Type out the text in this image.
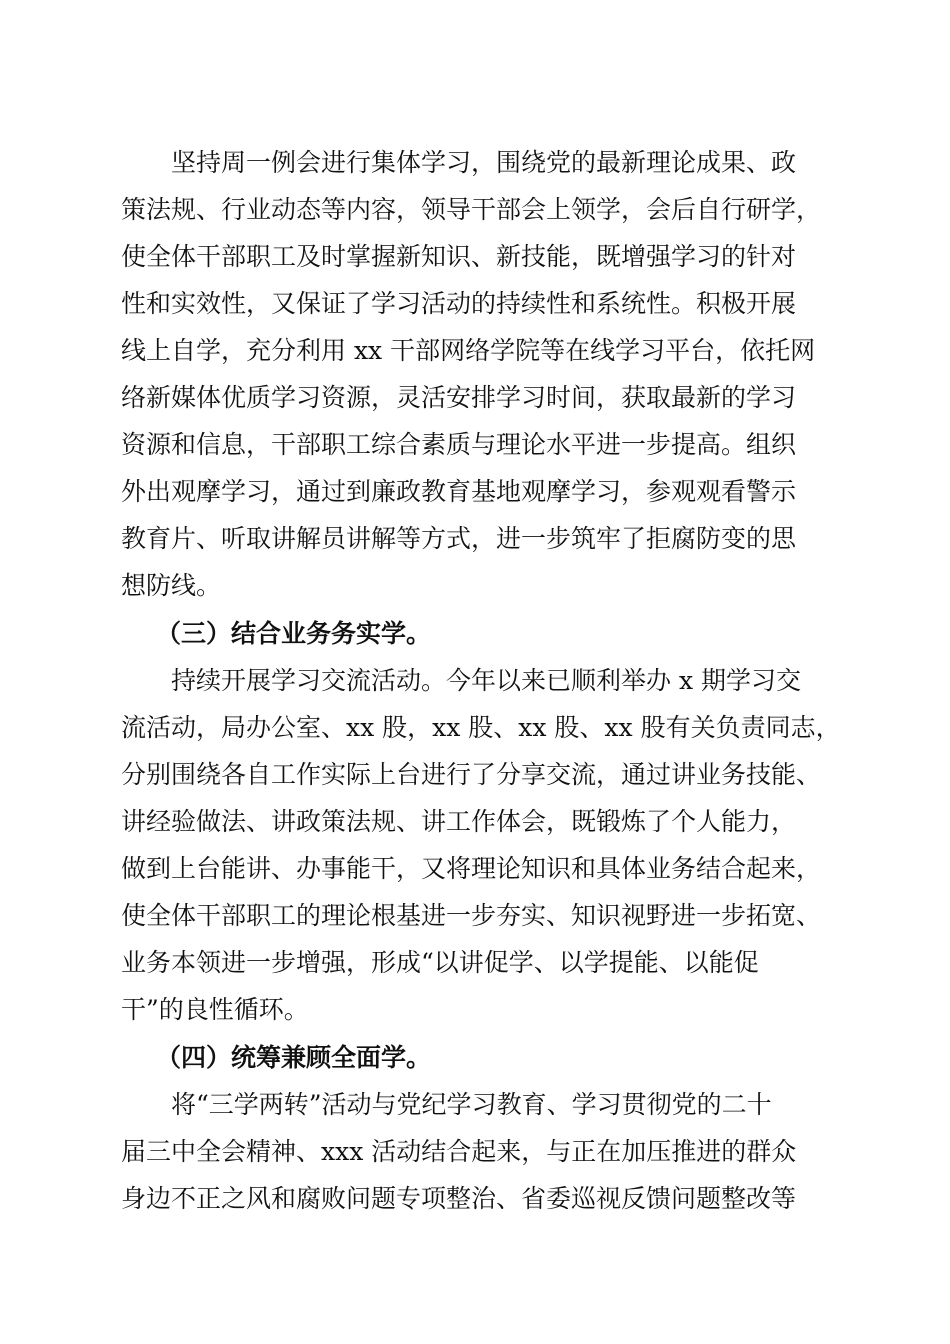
坚持周一例会进行集体学习，围绕党的最新理论成果、政
策法规、行业动态等内容，领导干部会上领学，会后自行研学，
使全体干部职工及时掌握新知识、新技能，既增强学习的针对
性和实效性，又保证了学习活动的持续性和系统性。积极开展
线上自学，充分利用 xx 干部网络学院等在线学习平台，依托网
络新媒体优质学习资源，灵活安排学习时间，获取最新的学习
资源和信息，干部职工综合素质与理论水平进一步提高。组织
外出观摩学习，通过到廉政教育基地观摩学习，参观观看警示
教育片、听取讲解员讲解等方式，进一步筑牢了拒腐防变的思
想防线。
（三）结合业务务实学。
持续开展学习交流活动。今年以来已顺利举办 x 期学习交
流活动，局办公室、xx 股，xx 股、xx 股、xx 股有关负责同志，
分别围绕各自工作实际上台进行了分享交流，通过讲业务技能、
讲经验做法、讲政策法规、讲工作体会，既锻炼了个人能力，
做到上台能讲、办事能干，又将理论知识和具体业务结合起来，
使全体干部职工的理论根基进一步夯实、知识视野进一步拓宽、
业务本领进一步增强，形成“以讲促学、以学提能、以能促
干”的良性循环。
（四）统筹兼顾全面学。
将“三学两转”活动与党纪学习教育、学习贯彻党的二十
届三中全会精神、xxx 活动结合起来，与正在加压推进的群众
身边不正之风和腐败问题专项整治、省委巡视反馈问题整改等
